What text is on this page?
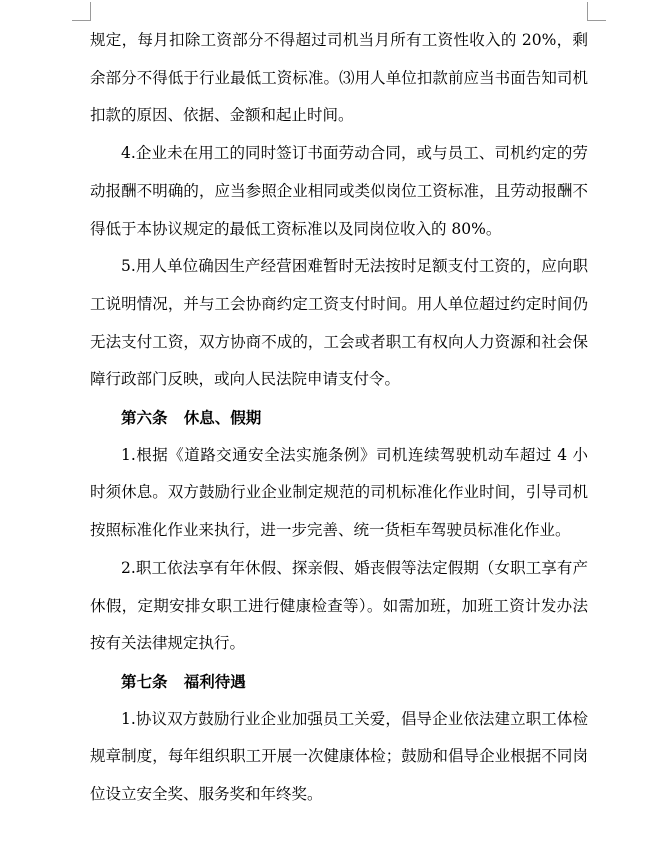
规定，每月扣除工资部分不得超过司机当月所有工资性收入的 20%，剩余部分不得低于行业最低工资标准。⑶用人单位扣款前应当书面告知司机扣款的原因、依据、金额和起止时间。

4.企业未在用工的同时签订书面劳动合同，或与员工、司机约定的劳动报酬不明确的，应当参照企业相同或类似岗位工资标准，且劳动报酬不得低于本协议规定的最低工资标准以及同岗位收入的 80%。

5.用人单位确因生产经营困难暂时无法按时足额支付工资的，应向职工说明情况，并与工会协商约定工资支付时间。用人单位超过约定时间仍无法支付工资，双方协商不成的，工会或者职工有权向人力资源和社会保障行政部门反映，或向人民法院申请支付令。

第六条   休息、假期

1.根据《道路交通安全法实施条例》司机连续驾驶机动车超过 4 小时须休息。双方鼓励行业企业制定规范的司机标准化作业时间，引导司机按照标准化作业来执行，进一步完善、统一货柜车驾驶员标准化作业。

2.职工依法享有年休假、探亲假、婚丧假等法定假期（女职工享有产休假，定期安排女职工进行健康检查等）。如需加班，加班工资计发办法按有关法律规定执行。

第七条   福利待遇

1.协议双方鼓励行业企业加强员工关爱，倡导企业依法建立职工体检规章制度，每年组织职工开展一次健康体检；鼓励和倡导企业根据不同岗位设立安全奖、服务奖和年终奖。
